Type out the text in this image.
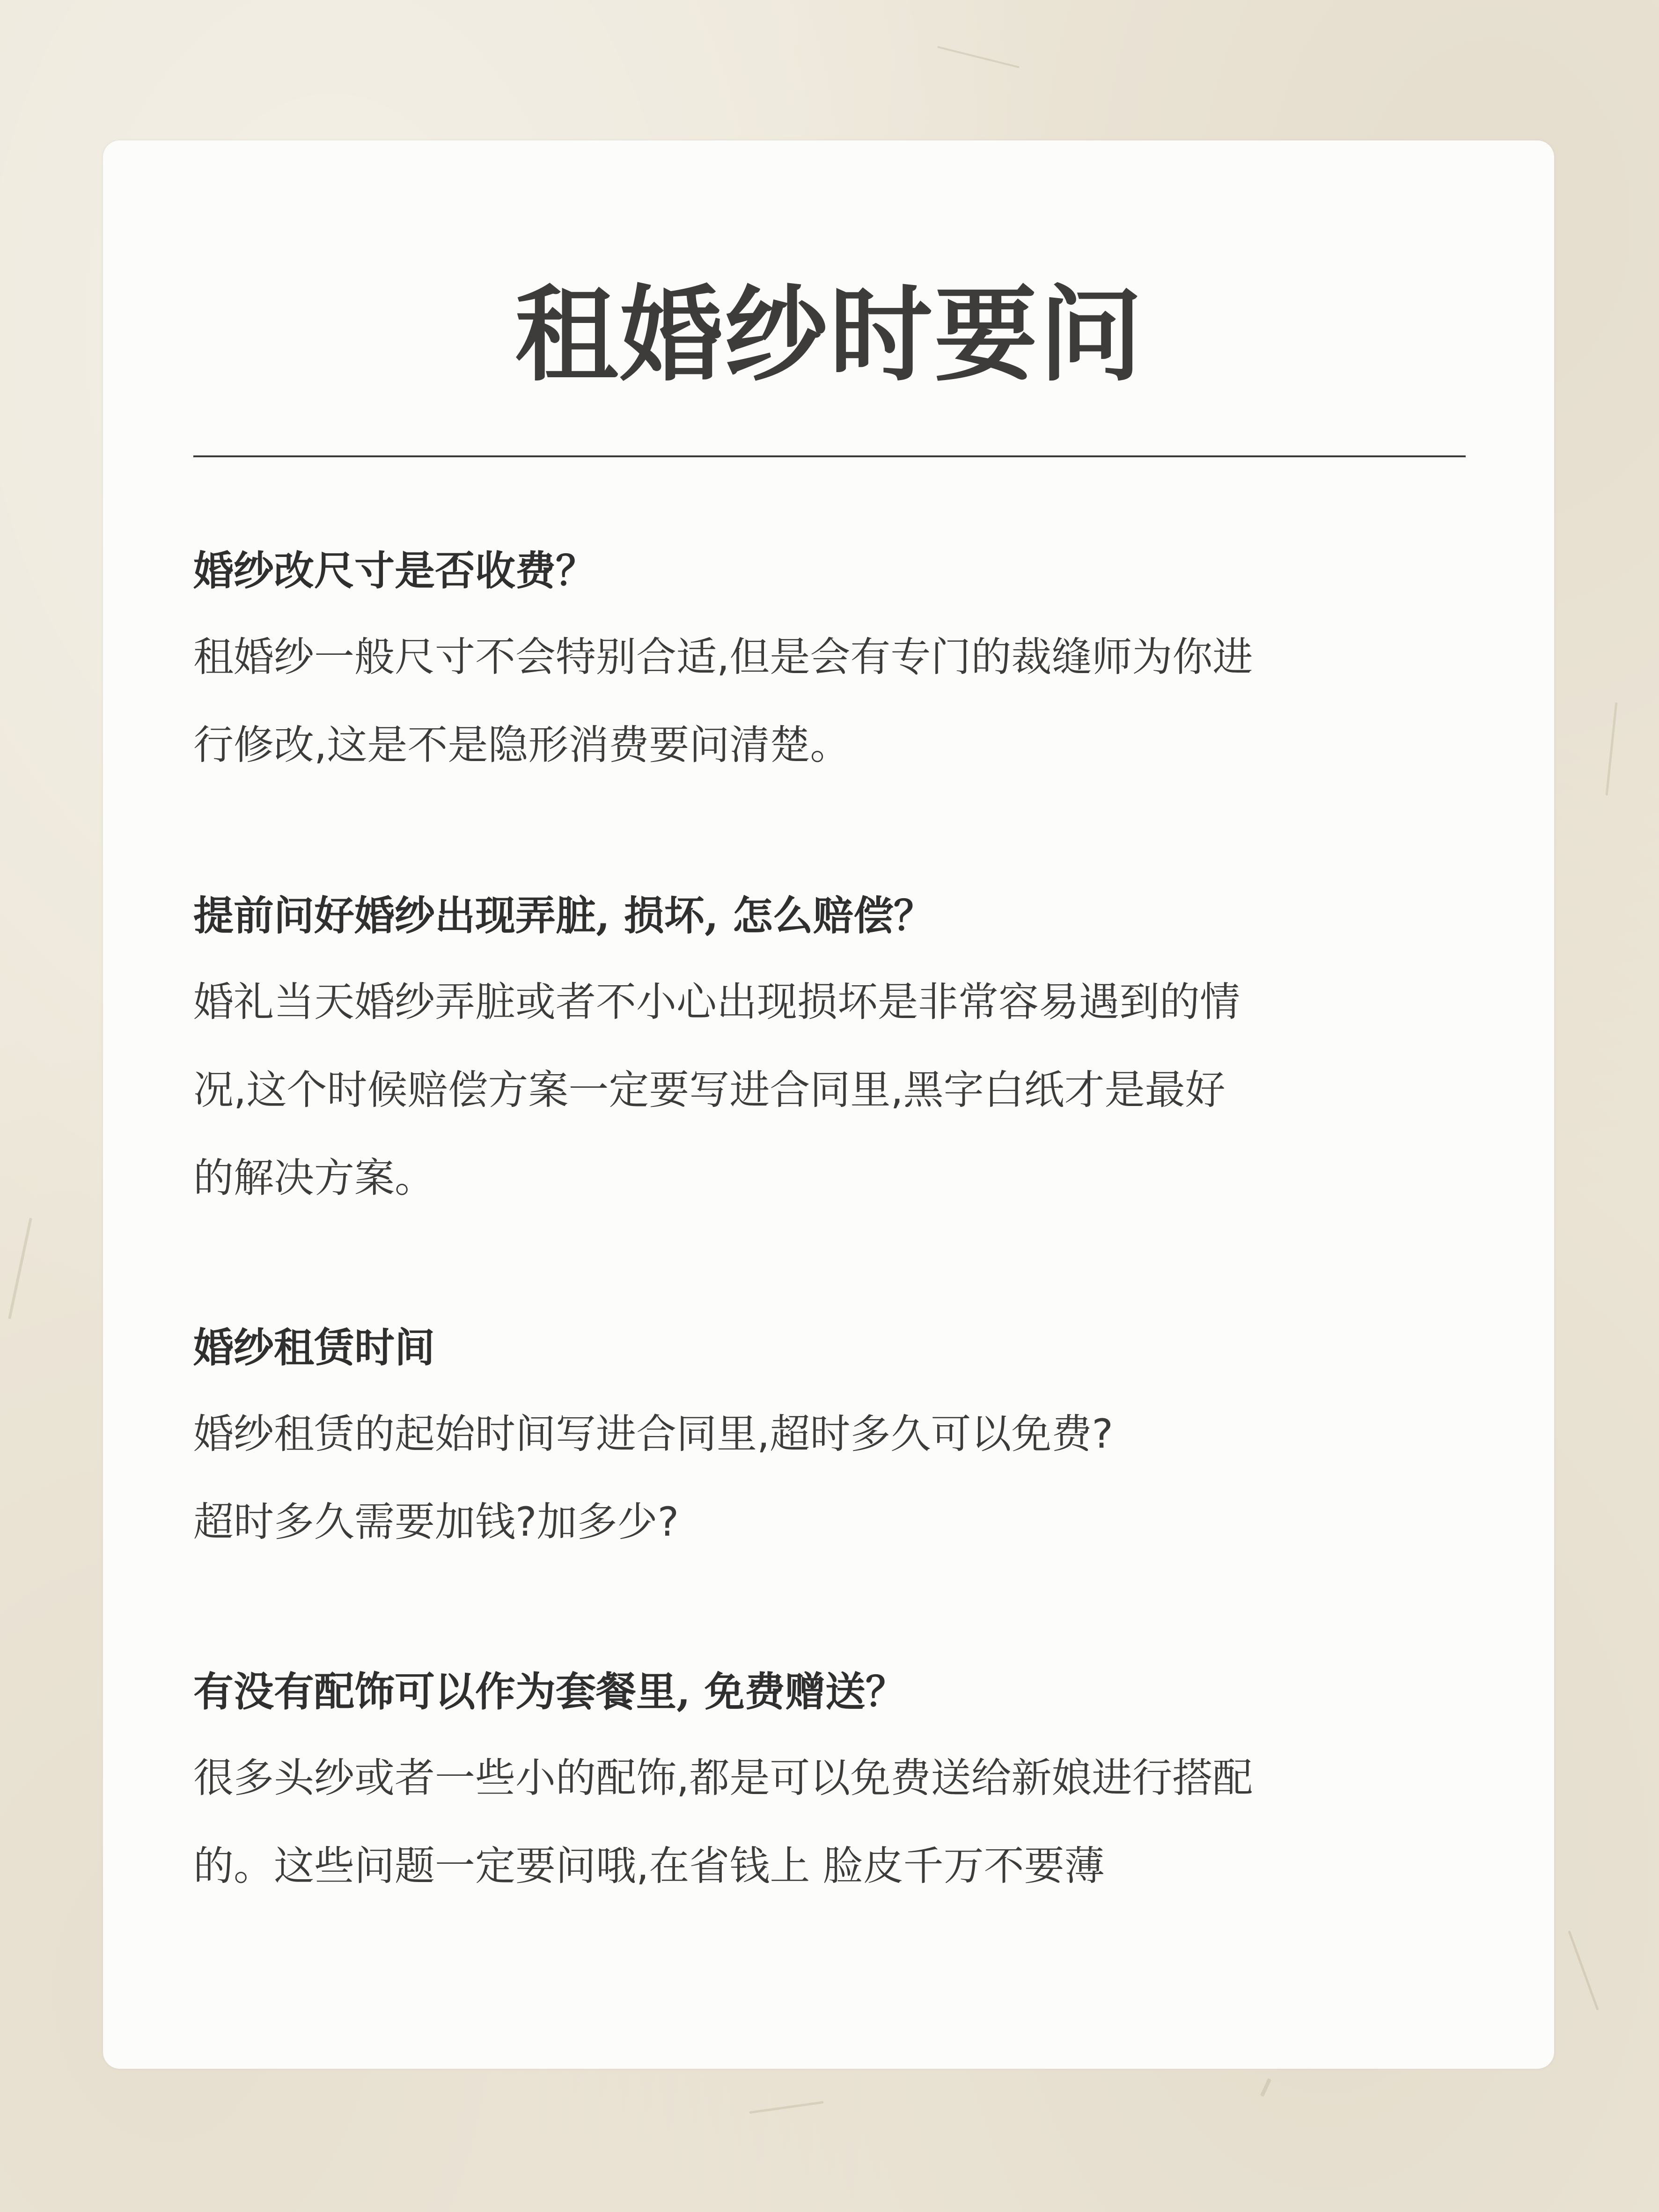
租婚纱时要问

婚纱改尺寸是否收费？

租婚纱一般尺寸不会特别合适,但是会有专门的裁缝师为你进
行修改,这是不是隐形消费要问清楚。

提前问好婚纱出现弄脏, 损坏, 怎么赔偿？

婚礼当天婚纱弄脏或者不小心出现损坏是非常容易遇到的情
况,这个时候赔偿方案一定要写进合同里,黑字白纸才是最好
的解决方案。

婚纱租赁时间

婚纱租赁的起始时间写进合同里,超时多久可以免费?
超时多久需要加钱?加多少?

有没有配饰可以作为套餐里, 免费赠送？

很多头纱或者一些小的配饰,都是可以免费送给新娘进行搭配
的。这些问题一定要问哦,在省钱上 脸皮千万不要薄
